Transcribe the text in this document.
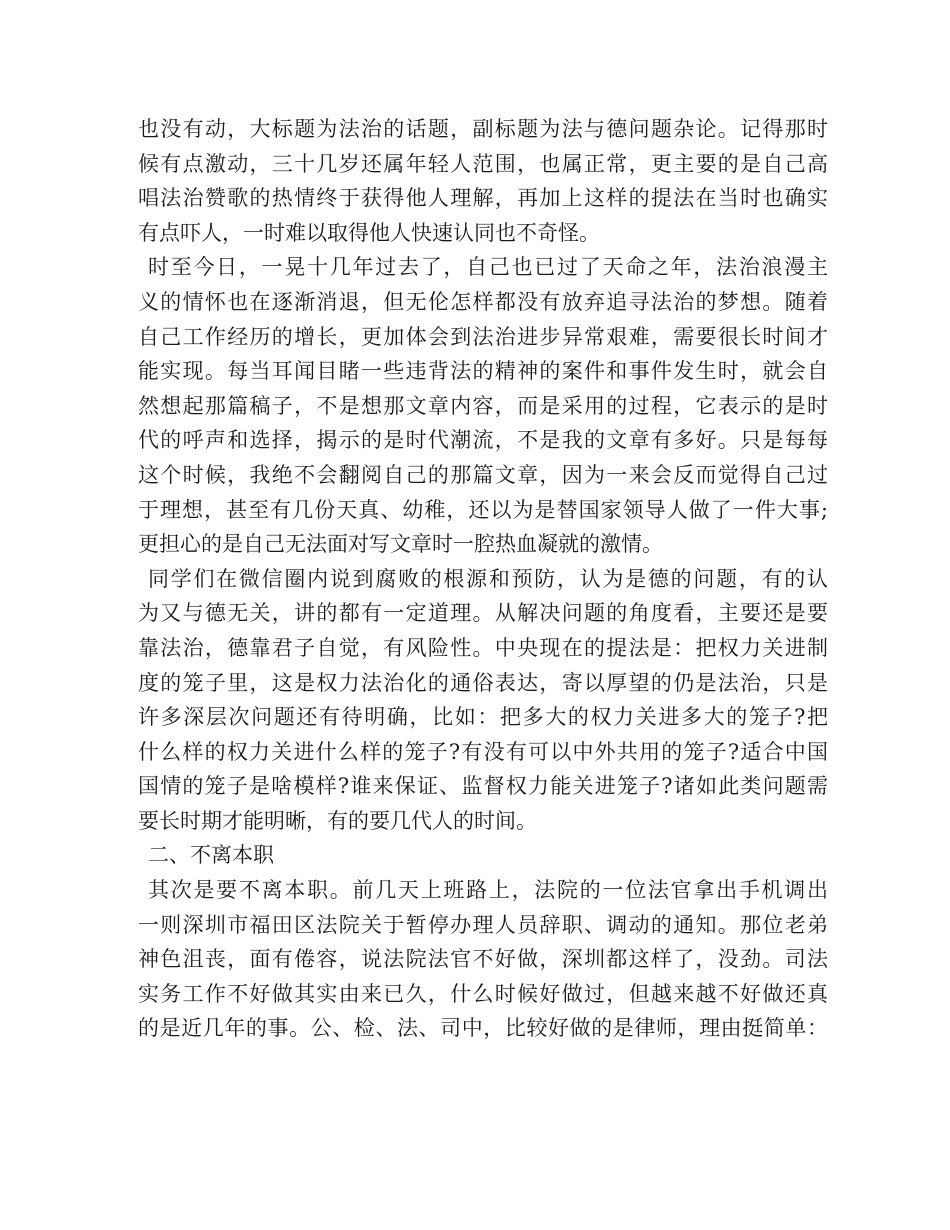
也没有动，大标题为法治的话题，副标题为法与德问题杂论。记得那时
候有点激动，三十几岁还属年轻人范围，也属正常，更主要的是自己高
唱法治赞歌的热情终于获得他人理解，再加上这样的提法在当时也确实
有点吓人，一时难以取得他人快速认同也不奇怪。
时至今日，一晃十几年过去了，自己也已过了天命之年，法治浪漫主
义的情怀也在逐渐消退，但无伦怎样都没有放弃追寻法治的梦想。随着
自己工作经历的增长，更加体会到法治进步异常艰难，需要很长时间才
能实现。每当耳闻目睹一些违背法的精神的案件和事件发生时，就会自
然想起那篇稿子，不是想那文章内容，而是采用的过程，它表示的是时
代的呼声和选择，揭示的是时代潮流，不是我的文章有多好。只是每每
这个时候，我绝不会翻阅自己的那篇文章，因为一来会反而觉得自己过
于理想，甚至有几份天真、幼稚，还以为是替国家领导人做了一件大事;
更担心的是自己无法面对写文章时一腔热血凝就的激情。
同学们在微信圈内说到腐败的根源和预防，认为是德的问题，有的认
为又与德无关，讲的都有一定道理。从解决问题的角度看，主要还是要
靠法治，德靠君子自觉，有风险性。中央现在的提法是：把权力关进制
度的笼子里，这是权力法治化的通俗表达，寄以厚望的仍是法治，只是
许多深层次问题还有待明确，比如：把多大的权力关进多大的笼子?把
什么样的权力关进什么样的笼子?有没有可以中外共用的笼子?适合中国
国情的笼子是啥模样?谁来保证、监督权力能关进笼子?诸如此类问题需
要长时期才能明晰，有的要几代人的时间。
二、不离本职
其次是要不离本职。前几天上班路上，法院的一位法官拿出手机调出
一则深圳市福田区法院关于暂停办理人员辞职、调动的通知。那位老弟
神色沮丧，面有倦容，说法院法官不好做，深圳都这样了，没劲。司法
实务工作不好做其实由来已久，什么时候好做过，但越来越不好做还真
的是近几年的事。公、检、法、司中，比较好做的是律师，理由挺简单：
